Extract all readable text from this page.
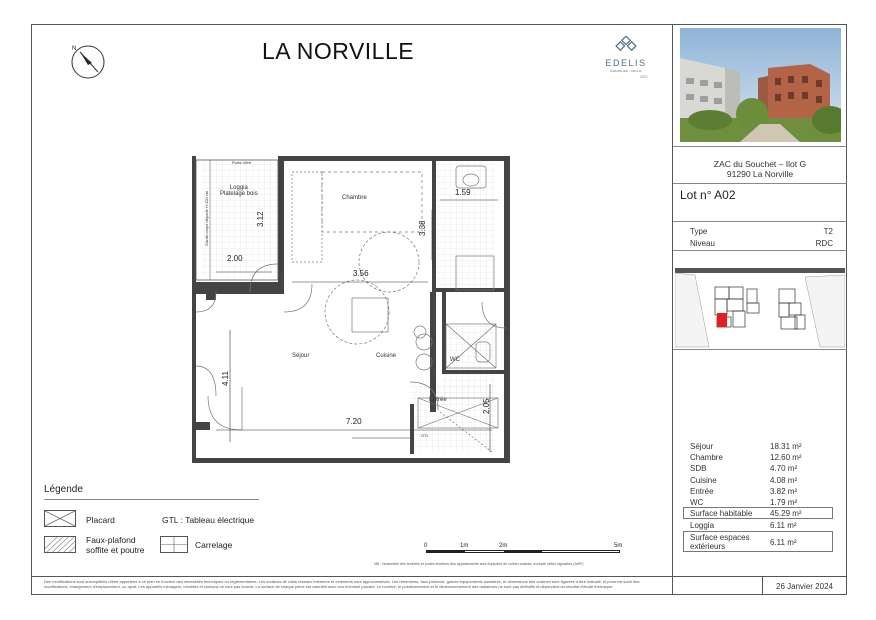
N	LA NORVILLE	EDELIS
IMMOBILIER · GROUP
GCC
ZAC du Souchet – Ilot G
91290 La Norville
Lot n° A02
Type	T2
Niveau	RDC
Séjour	18.31 m²
Chambre	12.60 m²
SDB	4.70 m²
Cuisine	4.08 m²
Entrée	3.82 m²
WC	1.79 m²
Surface habitable 45.29 m²
Loggia	6.11 m²
Surface espaces
extérieurs	6.11 m²
Légende
Placard	GTL : Tableau électrique
Faux-plafond
soffite et poutre	Carrelage	0	1m	2m	5m
NB : l'ensemble des fenêtres et portes-fenêtres des appartements sont équipées de volets roulants, excepté celles signalées (AWF)
Des modifications sont susceptibles d'être apportées à ce plan en fonction des nécessités techniques ou réglementaires. Les surfaces de cillos réseaux intérieurs et extérieurs sont approximatives. Les retombées, faux-plafonds, gaines équipements sanitaires, et dimensions des cuisines sont figurées à titre indicatif, et pourront subir des modifications, changement d'emplacement, ou ajout. Les appareils ménagers, meubles et cloisons ne sont pas fournis. La surface de chaque pièce est calculée avec son éventuel placard. Le nombre, le positionnement et le dimensionnement des radiateurs ne sont pas définitifs et dépendent du résultat d'étude thermique.	26 Janvier 2024
Porte-Vitré
Garde-corps déporté H:100 cm
Loggia
Platelage bois
Chambre
Séjour	Cuisine
WC
Entrée
GTL
3.12
2.00
1.59
3.38
3.56
4.11
7.20
2.05
